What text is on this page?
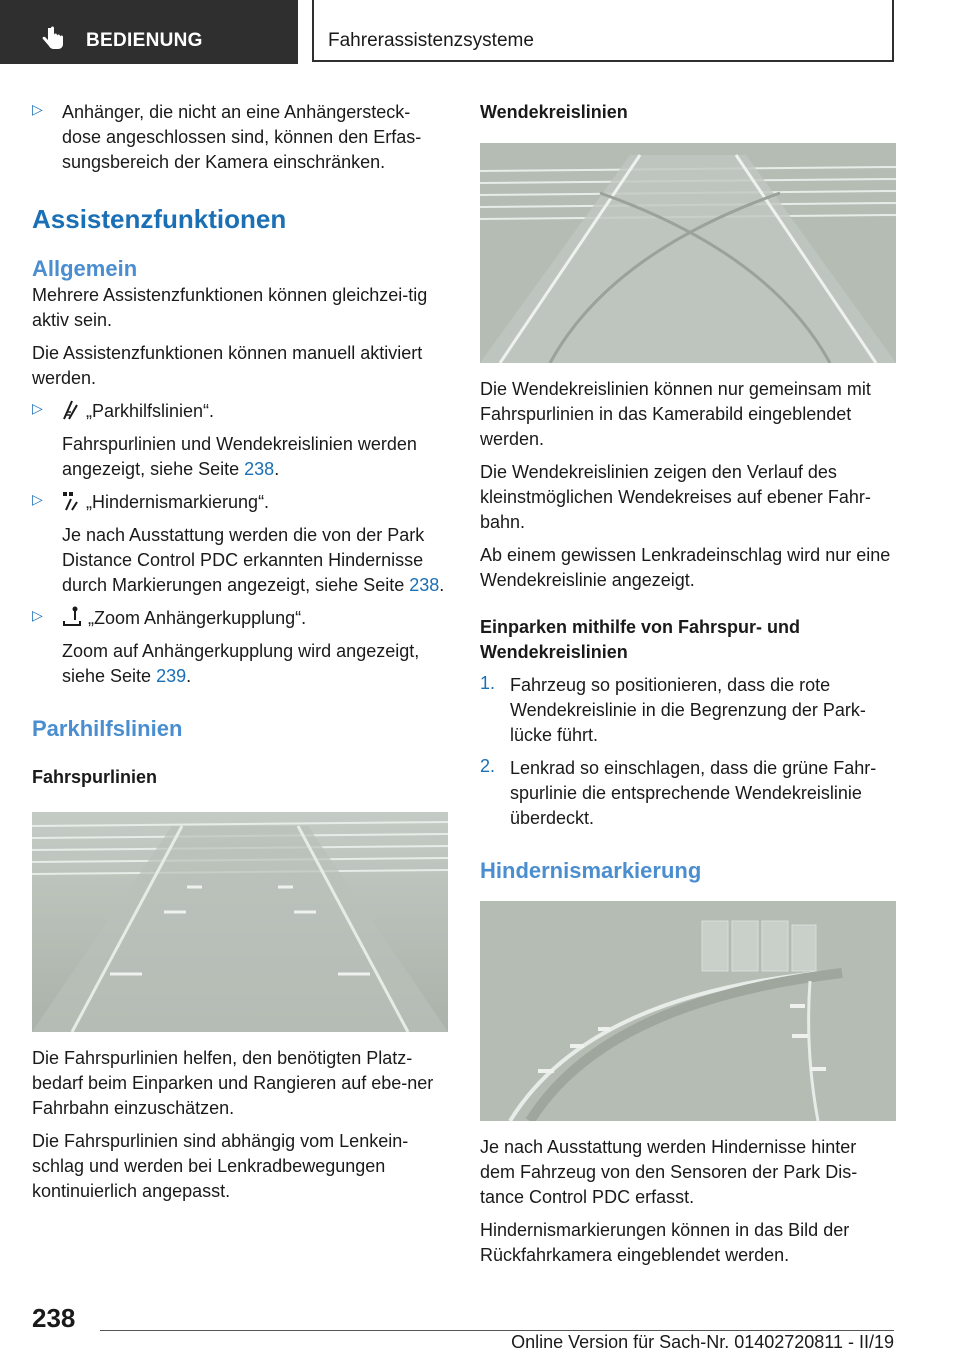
BEDIENUNG	Fahrerassistenzsysteme
▷ Anhänger, die nicht an eine Anhängersteck-dose angeschlossen sind, können den Erfas-sungsbereich der Kamera einschränken.

Assistenzfunktionen
Allgemein

Mehrere Assistenzfunktionen können gleichzei-tig aktiv sein.

Die Assistenzfunktionen können manuell aktiviert werden.

▷	„Parkhilfslinien“.

Fahrspurlinien und Wendekreislinien werden angezeigt, siehe Seite 238.

▷	„Hindernismarkierung“.

Je nach Ausstattung werden die von der Park Distance Control PDC erkannten Hindernisse durch Markierungen angezeigt, siehe Seite 238.

▷	„Zoom Anhängerkupplung“.

Zoom auf Anhängerkupplung wird angezeigt, siehe Seite 239.

Parkhilfslinien
Fahrspurlinien

Die Fahrspurlinien helfen, den benötigten Platz-bedarf beim Einparken und Rangieren auf ebe-ner Fahrbahn einzuschätzen.

Die Fahrspurlinien sind abhängig vom Lenkein-schlag und werden bei Lenkradbewegungen kontinuierlich angepasst.

Wendekreislinien

Die Wendekreislinien können nur gemeinsam mit Fahrspurlinien in das Kamerabild eingeblendet werden.

Die Wendekreislinien zeigen den Verlauf des kleinstmöglichen Wendekreises auf ebener Fahr-bahn.

Ab einem gewissen Lenkradeinschlag wird nur eine Wendekreislinie angezeigt.

Einparken mithilfe von Fahrspur- und Wendekreislinien
1. Fahrzeug so positionieren, dass die rote Wendekreislinie in die Begrenzung der Park-lücke führt.

2. Lenkrad so einschlagen, dass die grüne Fahr-spurlinie die entsprechende Wendekreislinie überdeckt.

Hindernismarkierung

Je nach Ausstattung werden Hindernisse hinter dem Fahrzeug von den Sensoren der Park Dis-tance Control PDC erfasst.

Hindernismarkierungen können in das Bild der Rückfahrkamera eingeblendet werden.

238
Online Version für Sach-Nr. 01402720811 - II/19
